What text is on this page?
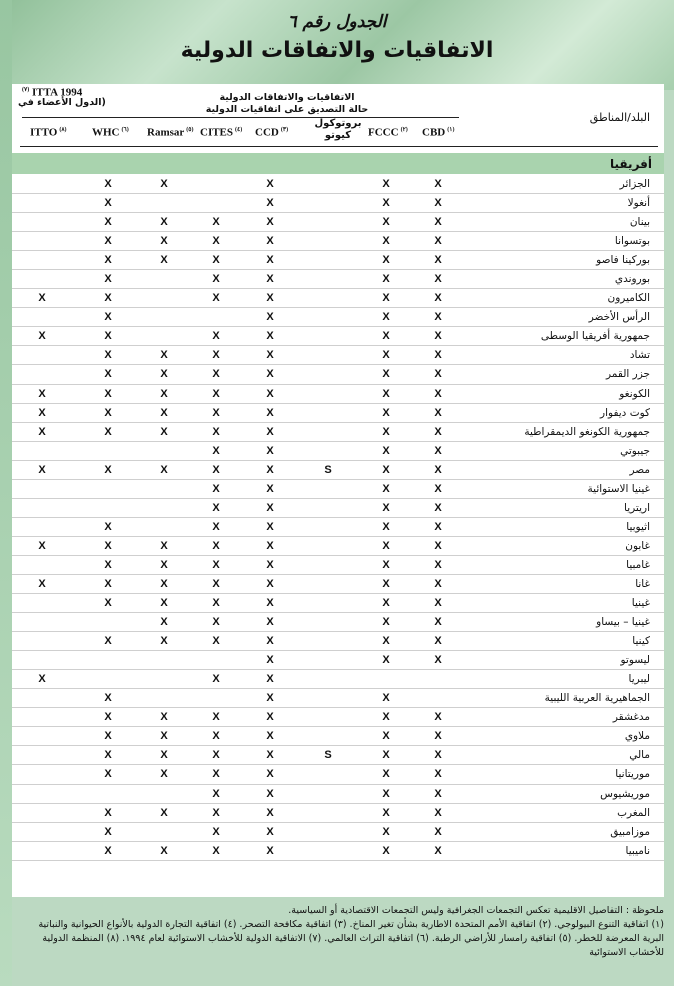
الجدول رقم ٦
الاتفاقيات والاتفاقات الدولية
البلد/المناطق
الاتفاقيات والاتفاقات الدولية
حالة التصديق على اتفاقيات الدولية
$^{(٧)}$ ITTA 1994
(الدول الأعضاء في
CBD $^{(١)}$
FCCC $^{(٢)}$
بروتوكول كيوتو
CCD $^{(٣)}$
CITES $^{(٤)}$
Ramsar $^{(٥)}$
WHC $^{(٦)}$
ITTO $^{(٨)}$
أفريقيا
الجزائر
X
X
X
X
X
أنغولا
X
X
X
X
بينان
X
X
X
X
X
X
بوتسوانا
X
X
X
X
X
X
بوركينا فاصو
X
X
X
X
X
X
بوروندي
X
X
X
X
X
الكاميرون
X
X
X
X
X
X
الرأس الأخضر
X
X
X
X
جمهورية أفريقيا الوسطى
X
X
X
X
X
X
تشاد
X
X
X
X
X
X
جزر القمر
X
X
X
X
X
X
الكونغو
X
X
X
X
X
X
X
كوت ديفوار
X
X
X
X
X
X
X
جمهورية الكونغو الديمقراطية
X
X
X
X
X
X
X
جيبوتي
X
X
X
X
مصر
X
X
S
X
X
X
X
X
غينيا الاستوائية
X
X
X
X
اريتريا
X
X
X
X
اثيوبيا
X
X
X
X
X
غابون
X
X
X
X
X
X
X
غامبيا
X
X
X
X
X
X
غانا
X
X
X
X
X
X
X
غينيا
X
X
X
X
X
X
غينيا – بيساو
X
X
X
X
X
كينيا
X
X
X
X
X
X
ليسوتو
X
X
X
ليبريا
X
X
X
الجماهيرية العربية الليبية
X
X
X
مدغشقر
X
X
X
X
X
X
ملاوي
X
X
X
X
X
X
مالي
X
X
S
X
X
X
X
موريتانيا
X
X
X
X
X
X
موريشيوس
X
X
X
X
المغرب
X
X
X
X
X
X
موزامبيق
X
X
X
X
X
ناميبيا
X
X
X
X
X
X

ملحوظة : التفاصيل الاقليمية تعكس التجمعات الجغرافية وليس التجمعات الاقتصادية أو السياسية.

(١) اتفاقية التنوع البيولوجي. (٢) اتفاقية الأمم المتحدة الاطارية بشأن تغير المناخ. (٣) اتفاقية مكافحة التصحر. (٤) اتفاقية التجارة الدولية بالأنواع الحيوانية والنباتية

البرية المعرضة للخطر. (٥) اتفاقية رامسار للأراضي الرطبة. (٦) اتفاقية التراث العالمي. (٧) الاتفاقية الدولية للأخشاب الاستوائية لعام ١٩٩٤. (٨) المنظمة الدولية

للأخشاب الاستوائية
